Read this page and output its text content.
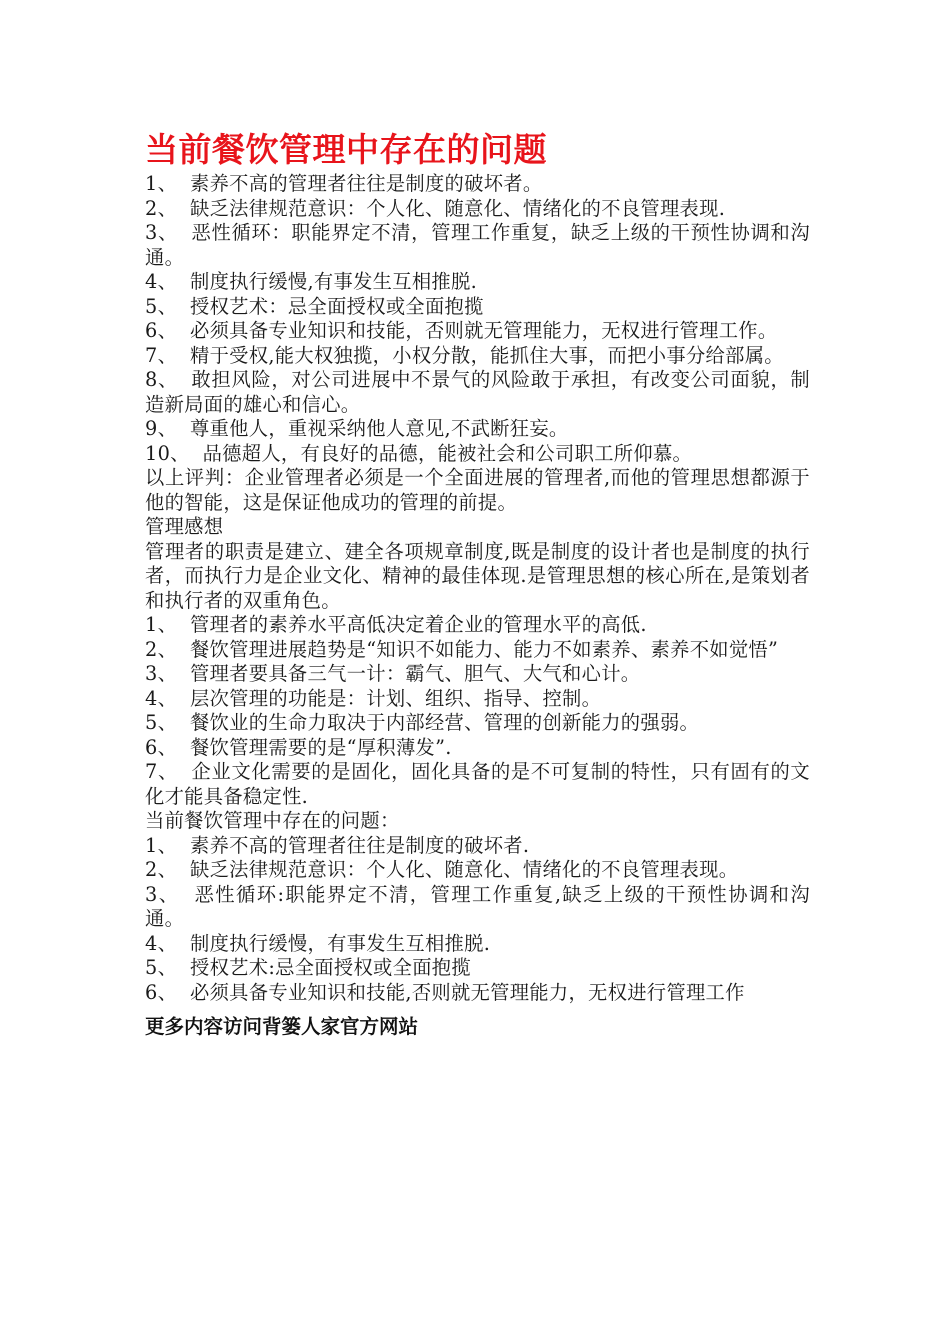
当前餐饮管理中存在的问题

1、  素养不高的管理者往往是制度的破坏者。

2、  缺乏法律规范意识：个人化、随意化、情绪化的不良管理表现.

3、  恶性循环：职能界定不清，管理工作重复，缺乏上级的干预性协调和沟通。

4、  制度执行缓慢,有事发生互相推脱.

5、  授权艺术：忌全面授权或全面抱揽

6、  必须具备专业知识和技能，否则就无管理能力，无权进行管理工作。

7、  精于受权,能大权独揽，小权分散，能抓住大事，而把小事分给部属。

8、  敢担风险，对公司进展中不景气的风险敢于承担，有改变公司面貌，制造新局面的雄心和信心。

9、  尊重他人，重视采纳他人意见,不武断狂妄。

10、  品德超人，有良好的品德，能被社会和公司职工所仰慕。

以上评判：企业管理者必须是一个全面进展的管理者,而他的管理思想都源于他的智能，这是保证他成功的管理的前提。

管理感想

管理者的职责是建立、建全各项规章制度,既是制度的设计者也是制度的执行者，而执行力是企业文化、精神的最佳体现.是管理思想的核心所在,是策划者和执行者的双重角色。

1、  管理者的素养水平高低决定着企业的管理水平的高低.

2、  餐饮管理进展趋势是“知识不如能力、能力不如素养、素养不如觉悟”

3、  管理者要具备三气一计：霸气、胆气、大气和心计。

4、  层次管理的功能是：计划、组织、指导、控制。

5、  餐饮业的生命力取决于内部经营、管理的创新能力的强弱。

6、  餐饮管理需要的是“厚积薄发”.

7、  企业文化需要的是固化，固化具备的是不可复制的特性，只有固有的文化才能具备稳定性.

当前餐饮管理中存在的问题：

1、  素养不高的管理者往往是制度的破坏者.

2、  缺乏法律规范意识：个人化、随意化、情绪化的不良管理表现。

3、  恶性循环:职能界定不清，管理工作重复,缺乏上级的干预性协调和沟通。

4、  制度执行缓慢，有事发生互相推脱.

5、  授权艺术:忌全面授权或全面抱揽

6、  必须具备专业知识和技能,否则就无管理能力，无权进行管理工作

更多内容访问背篓人家官方网站
